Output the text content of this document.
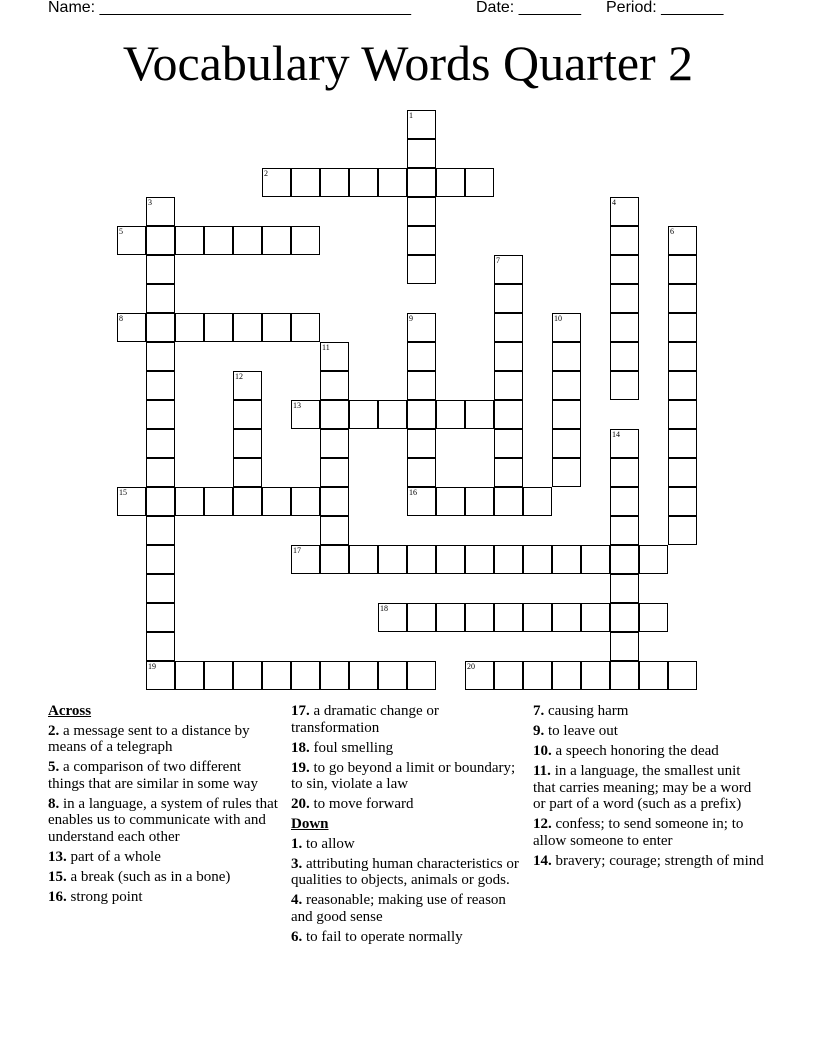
Name: ___________________________________	Date: _______ Period: _______
Vocabulary Words Quarter 2
1
2
3	4
5	6
7
8	9	10
11
12
13
14
15	16
17
18
19	20
Across
2. a message sent to a distance by means of a telegraph
5. a comparison of two different things that are similar in some way
8. in a language, a system of rules that enables us to communicate with and understand each other
13. part of a whole
15. a break (such as in a bone)
16. strong point
17. a dramatic change or transformation
18. foul smelling
19. to go beyond a limit or boundary; to sin, violate a law
20. to move forward
Down
1. to allow
3. attributing human characteristics or qualities to objects, animals or gods.
4. reasonable; making use of reason and good sense
6. to fail to operate normally
7. causing harm
9. to leave out
10. a speech honoring the dead
11. in a language, the smallest unit that carries meaning; may be a word or part of a word (such as a prefix)
12. confess; to send someone in; to allow someone to enter
14. bravery; courage; strength of mind
